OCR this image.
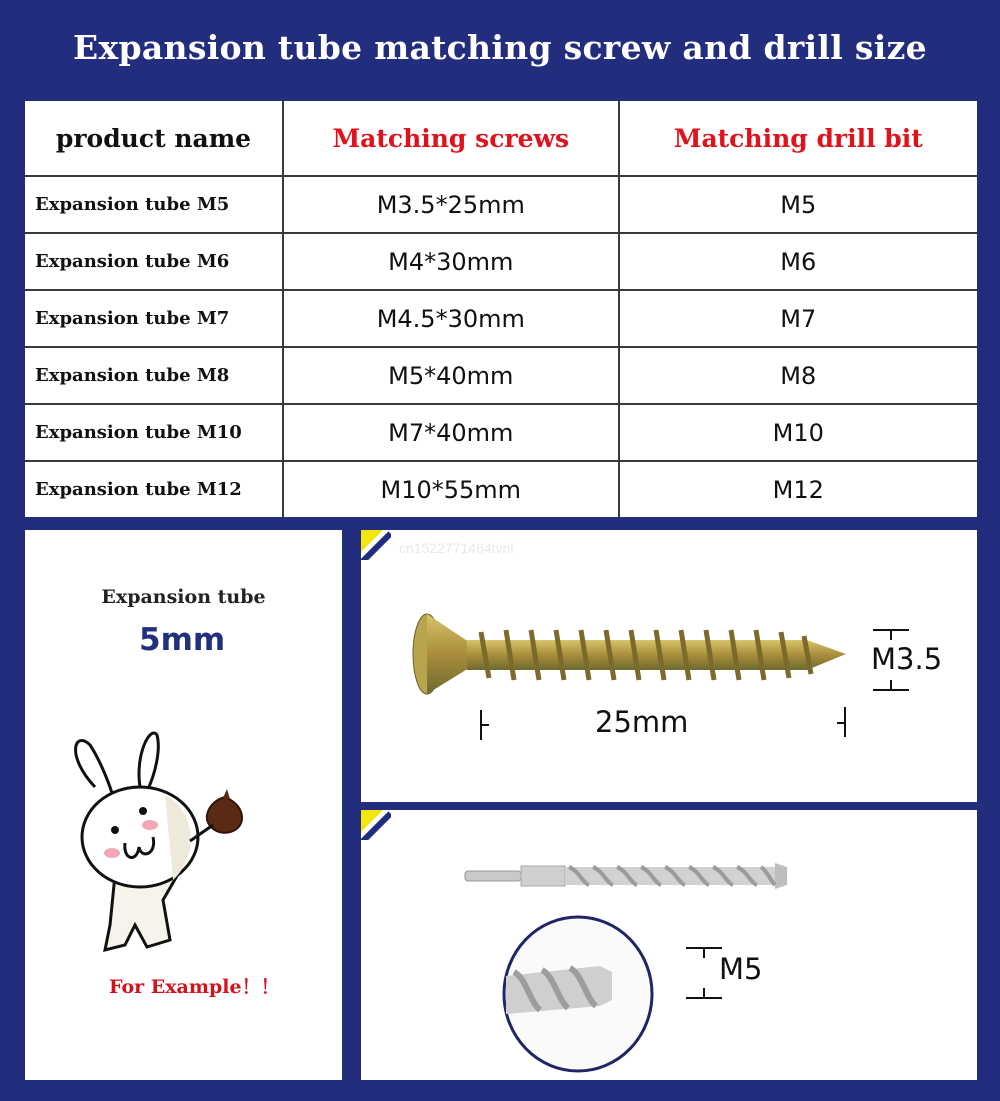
Expansion tube matching screw and drill size
product name	Matching screws	Matching drill bit
Expansion tube M5	M3.5*25mm	M5
Expansion tube M6	M4*30mm	M6
Expansion tube M7	M4.5*30mm	M7
Expansion tube M8	M5*40mm	M8
Expansion tube M10	M7*40mm	M10
Expansion tube M12	M10*55mm	M12
Expansion tube
5mm
For Example！！
cn1522771464tvnl
25mm
M3.5
M5
